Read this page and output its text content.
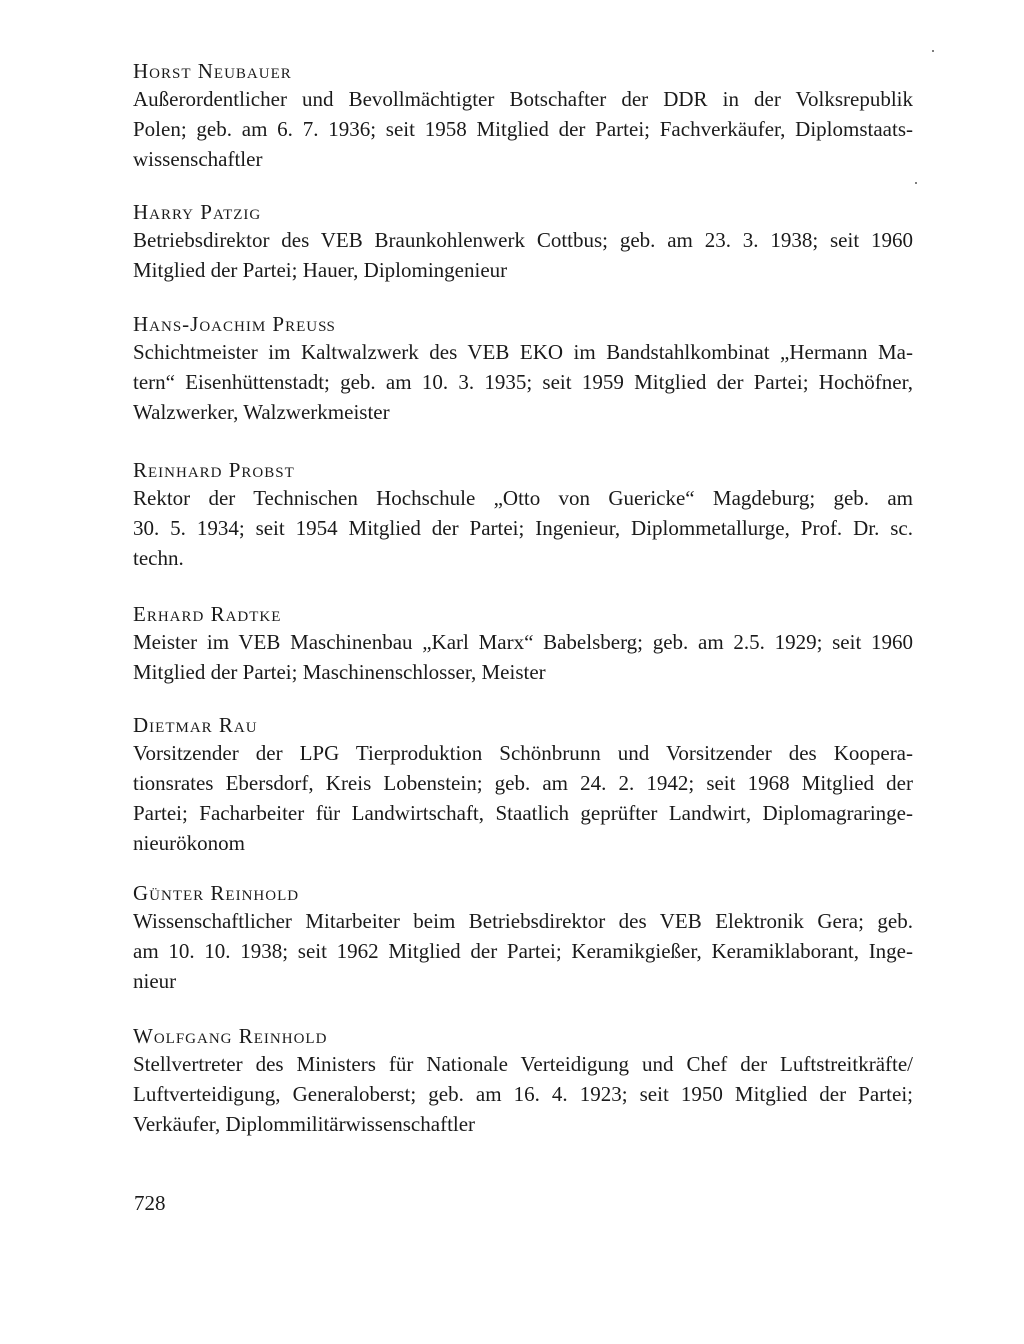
Horst Neubauer
Außerordentlicher und Bevollmächtigter Botschafter der DDR in der Volksrepublik
Polen; geb. am 6. 7. 1936; seit 1958 Mitglied der Partei; Fachverkäufer, Diplomstaats-
wissenschaftler
Harry Patzig
Betriebsdirektor des VEB Braunkohlenwerk Cottbus; geb. am 23. 3. 1938; seit 1960
Mitglied der Partei; Hauer, Diplomingenieur
Hans-Joachim Preuß
Schichtmeister im Kaltwalzwerk des VEB EKO im Bandstahlkombinat „Hermann Ma-
tern“ Eisenhüttenstadt; geb. am 10. 3. 1935; seit 1959 Mitglied der Partei; Hochöfner,
Walzwerker, Walzwerkmeister
Reinhard Probst
Rektor der Technischen Hochschule „Otto von Guericke“ Magdeburg; geb. am
30. 5. 1934; seit 1954 Mitglied der Partei; Ingenieur, Diplommetallurge, Prof. Dr. sc.
techn.
Erhard Radtke
Meister im VEB Maschinenbau „Karl Marx“ Babelsberg; geb. am 2.5. 1929; seit 1960
Mitglied der Partei; Maschinenschlosser, Meister
Dietmar Rau
Vorsitzender der LPG Tierproduktion Schönbrunn und Vorsitzender des Koopera-
tionsrates Ebersdorf, Kreis Lobenstein; geb. am 24. 2. 1942; seit 1968 Mitglied der
Partei; Facharbeiter für Landwirtschaft, Staatlich geprüfter Landwirt, Diplomagraringe-
nieurökonom
Günter Reinhold
Wissenschaftlicher Mitarbeiter beim Betriebsdirektor des VEB Elektronik Gera; geb.
am 10. 10. 1938; seit 1962 Mitglied der Partei; Keramikgießer, Keramiklaborant, Inge-
nieur
Wolfgang Reinhold
Stellvertreter des Ministers für Nationale Verteidigung und Chef der Luftstreitkräfte/
Luftverteidigung, Generaloberst; geb. am 16. 4. 1923; seit 1950 Mitglied der Partei;
Verkäufer, Diplommilitärwissenschaftler
728
